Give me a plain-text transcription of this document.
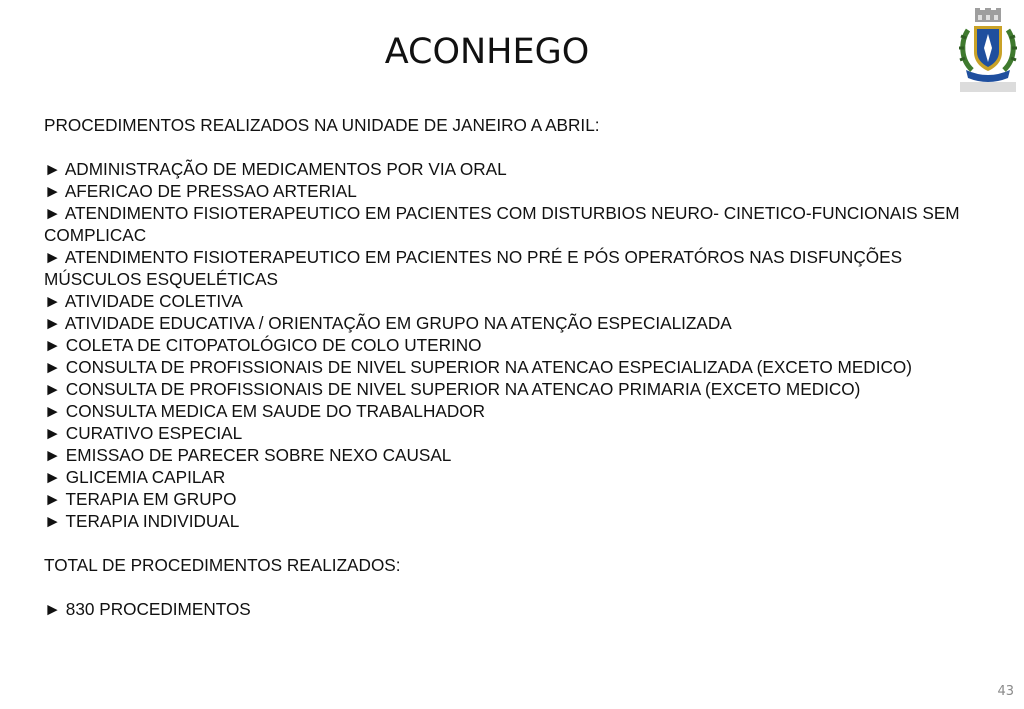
ACONHEGO

PROCEDIMENTOS REALIZADOS NA UNIDADE DE JANEIRO A ABRIL:

► ADMINISTRAÇÃO DE MEDICAMENTOS POR VIA ORAL
► AFERICAO DE PRESSAO ARTERIAL
► ATENDIMENTO FISIOTERAPEUTICO EM PACIENTES COM DISTURBIOS NEURO- CINETICO-FUNCIONAIS SEM COMPLICAC
► ATENDIMENTO FISIOTERAPEUTICO EM PACIENTES NO PRÉ E PÓS OPERATÓROS NAS DISFUNÇÕES MÚSCULOS ESQUELÉTICAS
► ATIVIDADE COLETIVA
► ATIVIDADE EDUCATIVA / ORIENTAÇÃO EM GRUPO NA ATENÇÃO ESPECIALIZADA
► COLETA DE CITOPATOLÓGICO DE COLO UTERINO
► CONSULTA DE PROFISSIONAIS DE NIVEL SUPERIOR NA ATENCAO ESPECIALIZADA (EXCETO MEDICO)
► CONSULTA DE PROFISSIONAIS DE NIVEL SUPERIOR NA ATENCAO PRIMARIA (EXCETO MEDICO)
► CONSULTA MEDICA EM SAUDE DO TRABALHADOR
► CURATIVO ESPECIAL
► EMISSAO DE PARECER SOBRE NEXO CAUSAL
► GLICEMIA CAPILAR
► TERAPIA EM GRUPO
► TERAPIA INDIVIDUAL

TOTAL DE PROCEDIMENTOS REALIZADOS:

► 830 PROCEDIMENTOS

43
